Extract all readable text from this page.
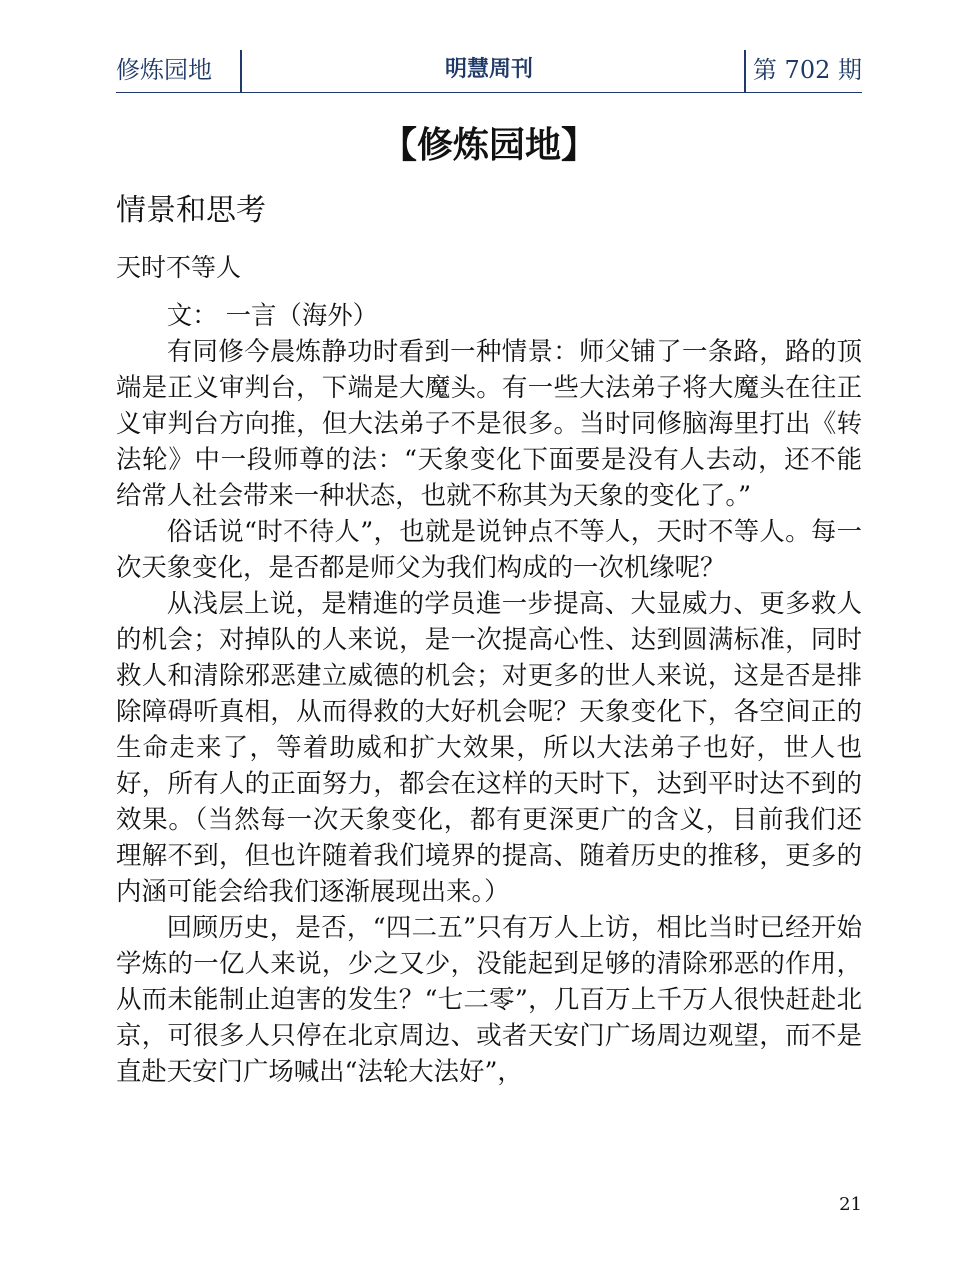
修炼园地	明慧周刊	第 702 期
【修炼园地】
情景和思考
天时不等人

文： 一言（海外）

有同修今晨炼静功时看到一种情景：师父铺了一条路，路的顶端是正义审判台，下端是大魔头。有一些大法弟子将大魔头在往正义审判台方向推，但大法弟子不是很多。当时同修脑海里打出《转法轮》中一段师尊的法：“天象变化下面要是没有人去动，还不能给常人社会带来一种状态，也就不称其为天象的变化了。”

俗话说“时不待人”，也就是说钟点不等人，天时不等人。每一次天象变化，是否都是师父为我们构成的一次机缘呢？

从浅层上说，是精進的学员進一步提高、大显威力、更多救人的机会；对掉队的人来说，是一次提高心性、达到圆满标准，同时救人和清除邪恶建立威德的机会；对更多的世人来说，这是否是排除障碍听真相，从而得救的大好机会呢？天象变化下，各空间正的生命走来了，等着助威和扩大效果，所以大法弟子也好，世人也好，所有人的正面努力，都会在这样的天时下，达到平时达不到的效果。（当然每一次天象变化，都有更深更广的含义，目前我们还理解不到，但也许随着我们境界的提高、随着历史的推移，更多的内涵可能会给我们逐渐展现出来。）

回顾历史，是否，“四二五”只有万人上访，相比当时已经开始学炼的一亿人来说，少之又少，没能起到足够的清除邪恶的作用，从而未能制止迫害的发生？“七二零”，几百万上千万人很快赶赴北京，可很多人只停在北京周边、或者天安门广场周边观望，而不是直赴天安门广场喊出“法轮大法好”，

21
